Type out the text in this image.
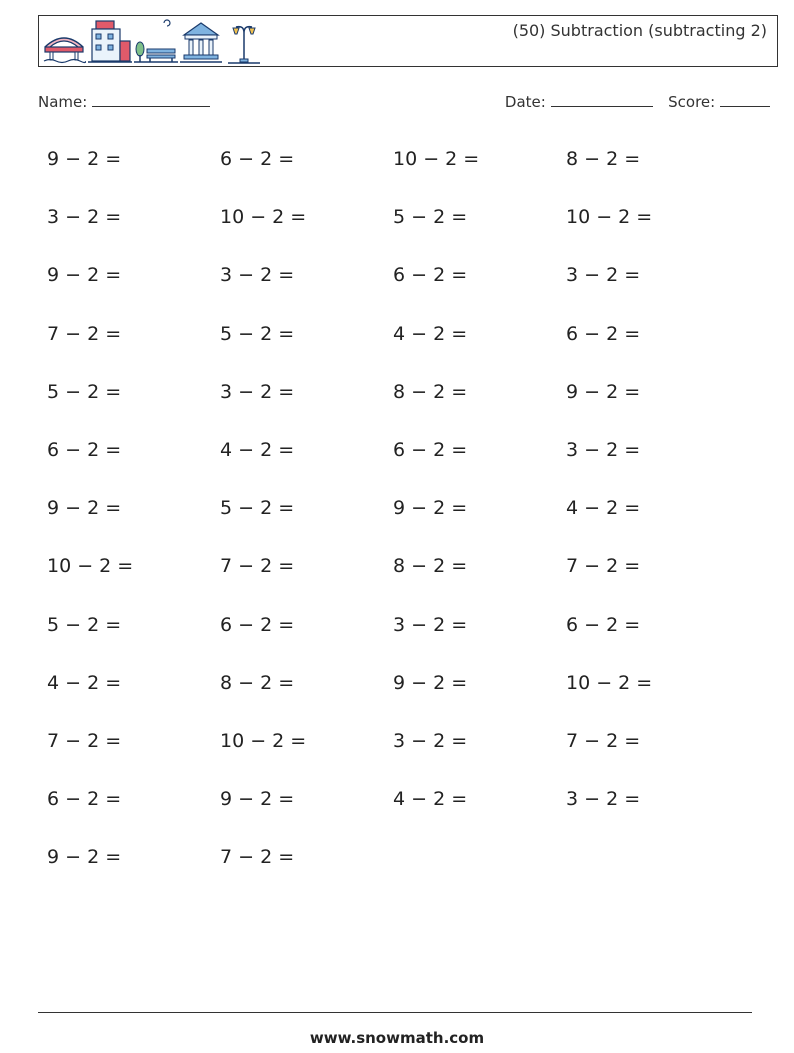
(50) Subtraction (subtracting 2)
Name:	Date:	Score:
9 − 2 =	6 − 2 =	10 − 2 =	8 − 2 =
3 − 2 =	10 − 2 =	5 − 2 =	10 − 2 =
9 − 2 =	3 − 2 =	6 − 2 =	3 − 2 =
7 − 2 =	5 − 2 =	4 − 2 =	6 − 2 =
5 − 2 =	3 − 2 =	8 − 2 =	9 − 2 =
6 − 2 =	4 − 2 =	6 − 2 =	3 − 2 =
9 − 2 =	5 − 2 =	9 − 2 =	4 − 2 =
10 − 2 =	7 − 2 =	8 − 2 =	7 − 2 =
5 − 2 =	6 − 2 =	3 − 2 =	6 − 2 =
4 − 2 =	8 − 2 =	9 − 2 =	10 − 2 =
7 − 2 =	10 − 2 =	3 − 2 =	7 − 2 =
6 − 2 =	9 − 2 =	4 − 2 =	3 − 2 =
9 − 2 =	7 − 2 =
www.snowmath.com
